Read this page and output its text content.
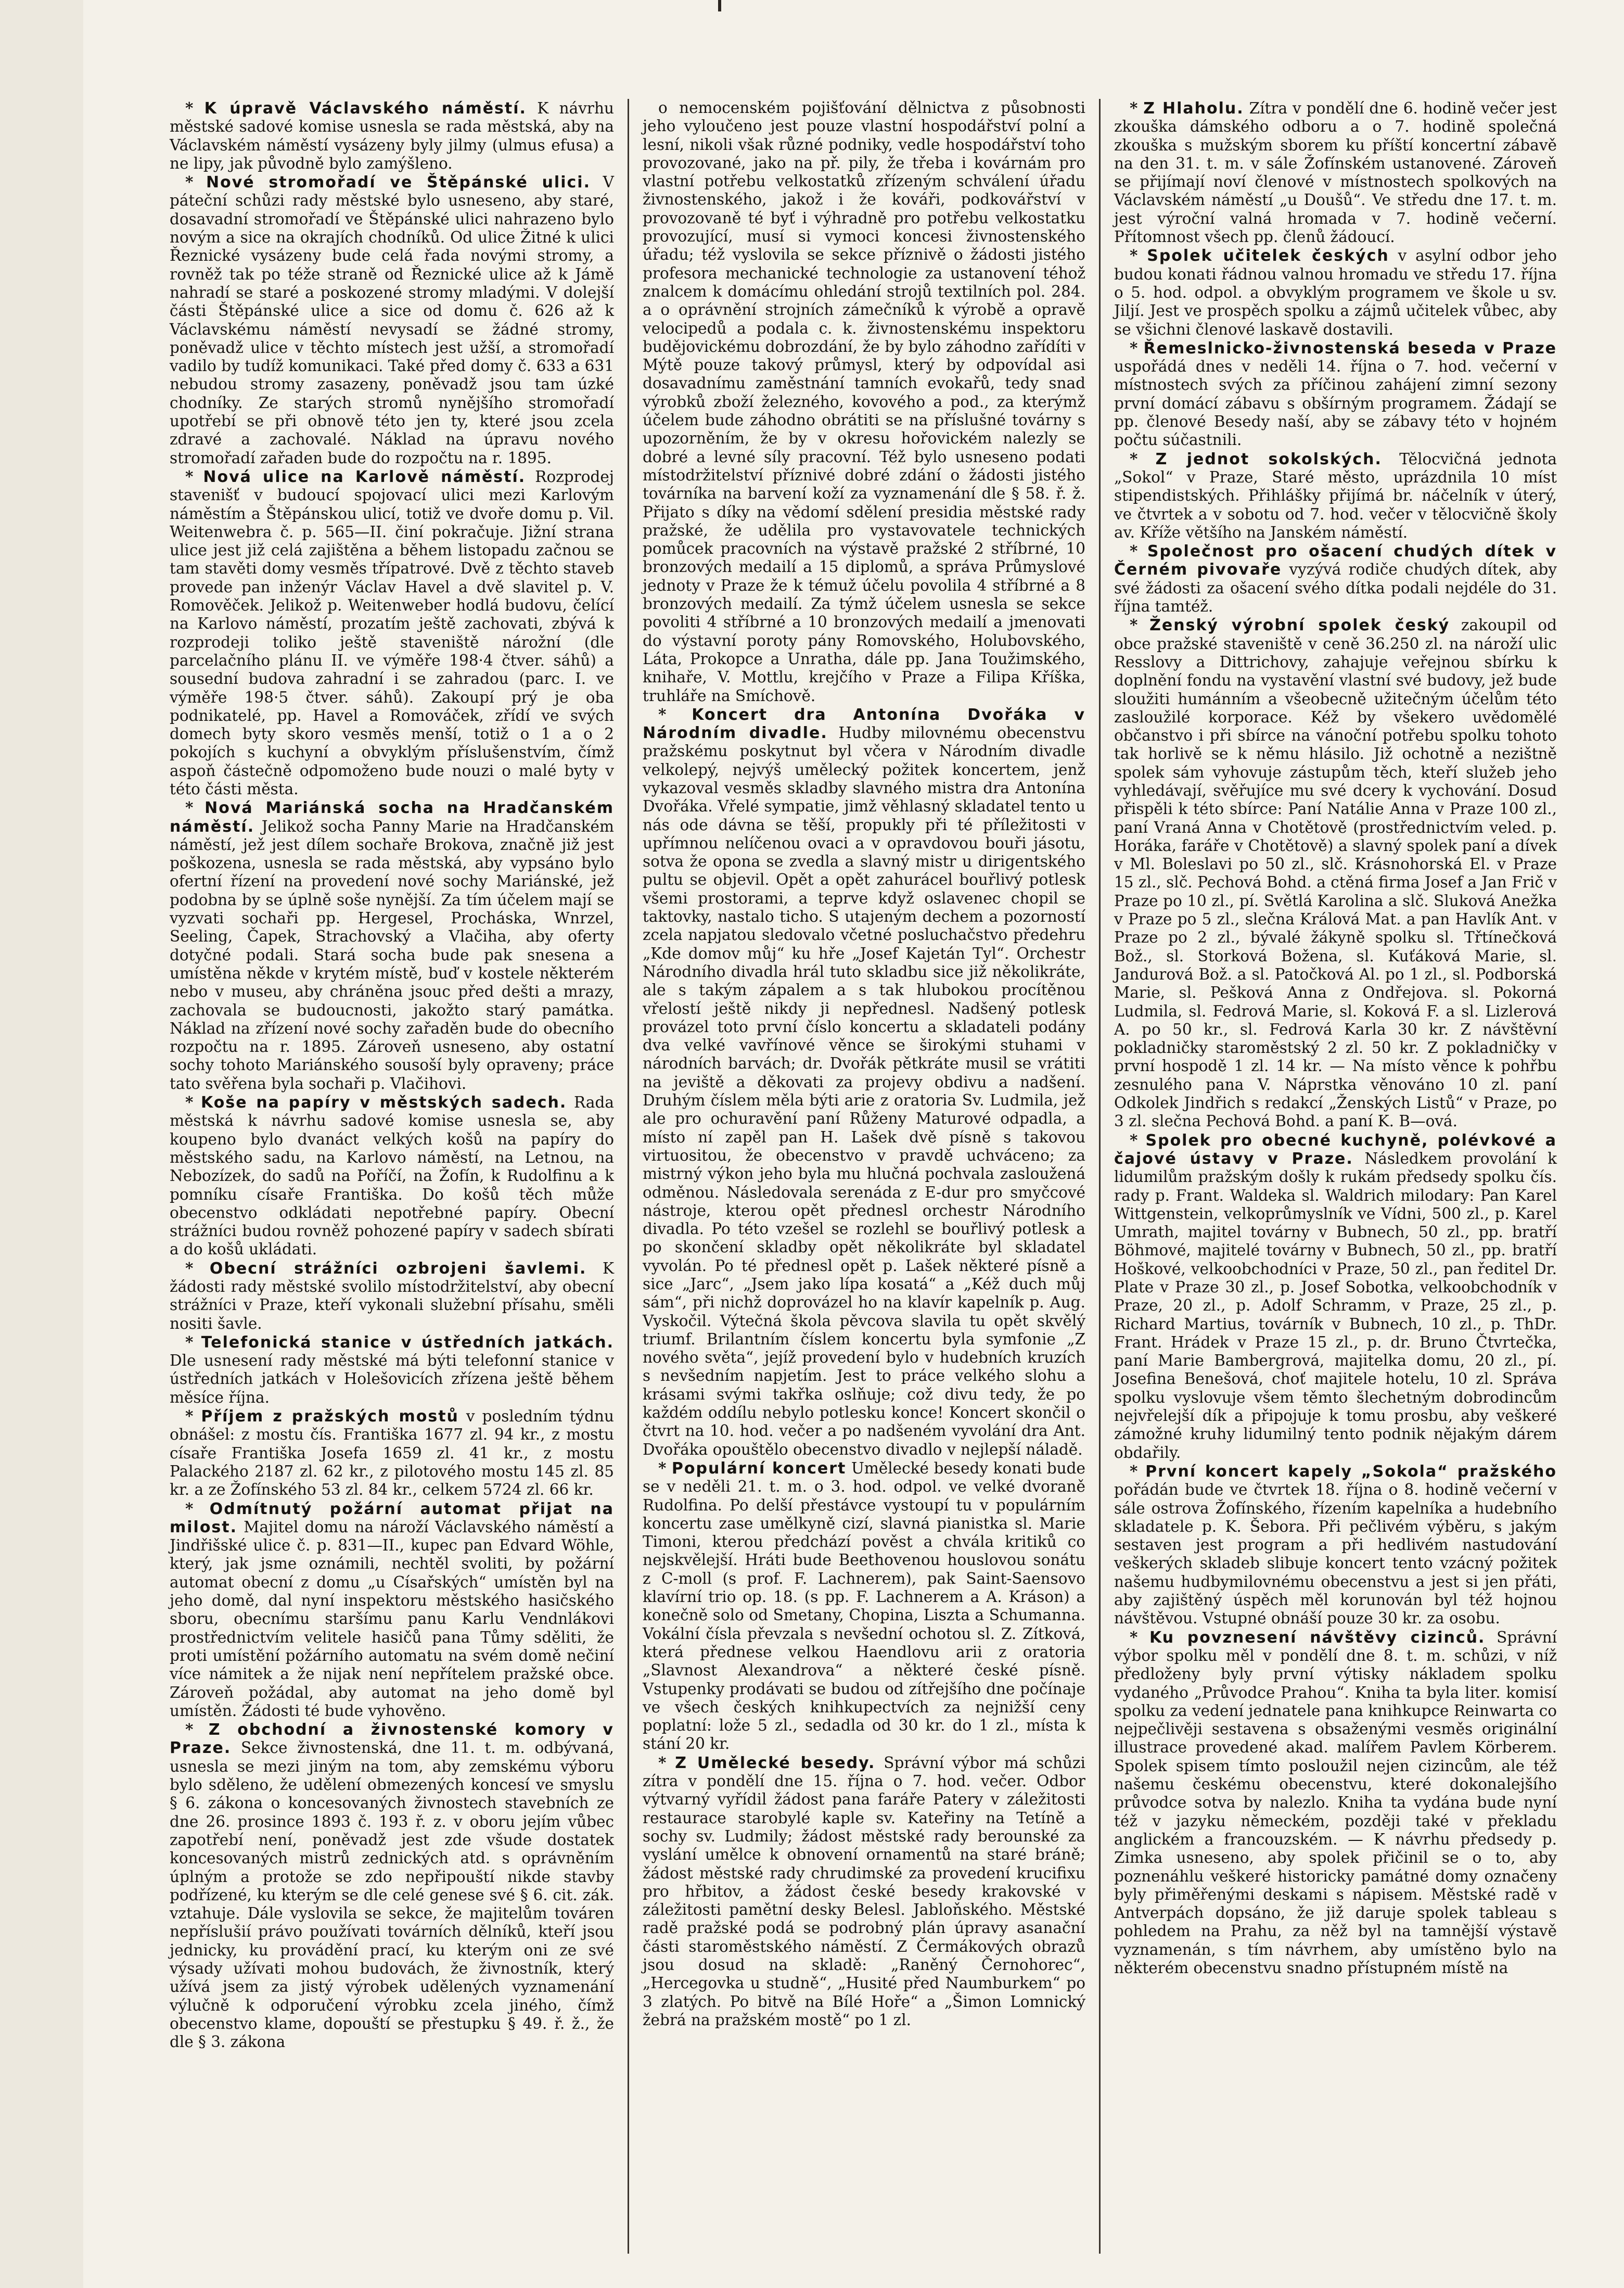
* K úpravě Václavského náměstí. K návrhu městské sadové komise usnesla se rada městská, aby na Václavském náměstí vysázeny byly jilmy (ulmus efusa) a ne lipy, jak původně bylo zamýšleno.

* Nové stromořadí ve Štěpánské ulici. V páteční schůzi rady městské bylo usneseno, aby staré, dosavadní stromořadí ve Štěpánské ulici nahrazeno bylo novým a sice na okrajích chodníků. Od ulice Žitné k ulici Řeznické vysázeny bude celá řada novými stromy, a rovněž tak po téže straně od Řeznické ulice až k Jámě nahradí se staré a poskozené stromy mladými. V dolejší části Štěpánské ulice a sice od domu č. 626 až k Václavskému náměstí nevysadí se žádné stromy, poněvadž ulice v těchto místech jest užší, a stromořadí vadilo by tudíž komunikaci. Také před domy č. 633 a 631 nebudou stromy zasazeny, poněvadž jsou tam úzké chodníky. Ze starých stromů nynějšího stromořadí upotřebí se při obnově této jen ty, které jsou zcela zdravé a zachovalé. Náklad na úpravu nového stromořadí zařaden bude do rozpočtu na r. 1895.

* Nová ulice na Karlově náměstí. Rozprodej stavenišť v budoucí spojovací ulici mezi Karlovým náměstím a Štěpánskou ulicí, totiž ve dvoře domu p. Vil. Weitenwebra č. p. 565—II. činí pokračuje. Jižní strana ulice jest již celá zajištěna a během listopadu začnou se tam stavěti domy vesměs třípatrové. Dvě z těchto staveb provede pan inženýr Václav Havel a dvě slavitel p. V. Romověček. Jelikož p. Weitenweber hodlá budovu, čelící na Karlovo náměstí, prozatím ještě zachovati, zbývá k rozprodeji toliko ještě staveniště nárožní (dle parcelačního plánu II. ve výměře 198·4 čtver. sáhů) a sousední budova zahradní i se zahradou (parc. I. ve výměře 198·5 čtver. sáhů). Zakoupí prý je oba podnikatelé, pp. Havel a Romováček, zřídí ve svých domech byty skoro vesměs menší, totiž o 1 a o 2 pokojích s kuchyní a obvyklým příslušenstvím, čímž aspoň částečně odpomoženo bude nouzi o malé byty v této části města.

* Nová Mariánská socha na Hradčanském náměstí. Jelikož socha Panny Marie na Hradčanském náměstí, jež jest dílem sochaře Brokova, značně již jest poškozena, usnesla se rada městská, aby vypsáno bylo ofertní řízení na provedení nové sochy Mariánské, jež podobna by se úplně soše nynější. Za tím účelem mají se vyzvati sochaři pp. Hergesel, Procháska, Wnrzel, Seeling, Čapek, Strachovský a Vlačiha, aby oferty dotyčné podali. Stará socha bude pak snesena a umístěna někde v krytém místě, buď v kostele některém nebo v museu, aby chráněna jsouc před dešti a mrazy, zachovala se budoucnosti, jakožto starý památka. Náklad na zřízení nové sochy zařaděn bude do obecního rozpočtu na r. 1895. Zároveň usneseno, aby ostatní sochy tohoto Mariánského sousoší byly opraveny; práce tato svěřena byla sochaři p. Vlačihovi.

* Koše na papíry v městských sadech. Rada městská k návrhu sadové komise usnesla se, aby koupeno bylo dvanáct velkých košů na papíry do městského sadu, na Karlovo náměstí, na Letnou, na Nebozízek, do sadů na Poříčí, na Žofín, k Rudolfinu a k pomníku císaře Františka. Do košů těch může obecenstvo odkládati nepotřebné papíry. Obecní strážníci budou rovněž pohozené papíry v sadech sbírati a do košů ukládati.

* Obecní strážníci ozbrojeni šavlemi. K žádosti rady městské svolilo místodržitelství, aby obecní strážníci v Praze, kteří vykonali služební přísahu, směli nositi šavle.

* Telefonická stanice v ústředních jatkách. Dle usnesení rady městské má býti telefonní stanice v ústředních jatkách v Holešovicích zřízena ještě během měsíce října.

* Příjem z pražských mostů v posledním týdnu obnášel: z mostu čís. Františka 1677 zl. 94 kr., z mostu císaře Františka Josefa 1659 zl. 41 kr., z mostu Palackého 2187 zl. 62 kr., z pilotového mostu 145 zl. 85 kr. a ze Žofínského 53 zl. 84 kr., celkem 5724 zl. 66 kr.

* Odmítnutý požární automat přijat na milost. Majitel domu na nároží Václavského náměstí a Jindřišské ulice č. p. 831—II., kupec pan Edvard Wöhle, který, jak jsme oznámili, nechtěl svoliti, by požární automat obecní z domu „u Císařských“ umístěn byl na jeho domě, dal nyní inspektoru městského hasičského sboru, obecnímu staršímu panu Karlu Vendnlákovi prostřednictvím velitele hasičů pana Tůmy sděliti, že proti umístění požárního automatu na svém domě nečiní více námitek a že nijak není nepřítelem pražské obce. Zároveň požádal, aby automat na jeho domě byl umístěn. Žádosti té bude vyhověno.

* Z obchodní a živnostenské komory v Praze. Sekce živnostenská, dne 11. t. m. odbývaná, usnesla se mezi jiným na tom, aby zemskému výboru bylo sděleno, že udělení obmezených koncesí ve smyslu § 6. zákona o koncesovaných živnostech stavebních ze dne 26. prosince 1893 č. 193 ř. z. v oboru jejím vůbec zapotřebí není, poněvadž jest zde všude dostatek koncesovaných mistrů zednických atd. s oprávněním úplným a protože se zdo nepřipouští nikde stavby podřízené, ku kterým se dle celé genese své § 6. cit. zák. vztahuje. Dále vyslovila se sekce, že majitelům továren nepříslušií právo používati továrních dělníků, kteří jsou jednicky, ku provádění prací, ku kterým oni ze své výsady užívati mohou budovách, že živnostník, který užívá jsem za jistý výrobek udělených vyznamenání výlučně k odporučení výrobku zcela jiného, čímž obecenstvo klame, dopouští se přestupku § 49. ř. ž., že dle § 3. zákona

o nemocenském pojišťování dělnictva z působnosti jeho vyloučeno jest pouze vlastní hospodářství polní a lesní, nikoli však různé podniky, vedle hospodářství toho provozované, jako na př. pily, že třeba i kovárnám pro vlastní potřebu velkostatků zřízeným schválení úřadu živnostenského, jakož i že kováři, podkovářství v provozovaně té byť i výhradně pro potřebu velkostatku provozující, musí si vymoci koncesi živnostenského úřadu; též vyslovila se sekce příznivě o žádosti jistého profesora mechanické technologie za ustanovení téhož znalcem k domácímu ohledání strojů textilních pol. 284. a o oprávnění strojních zámečníků k výrobě a opravě velocipedů a podala c. k. živnostenskému inspektoru budějovickému dobrozdání, že by bylo záhodno zařídíti v Mýtě pouze takový průmysl, který by odpovídal asi dosavadnímu zaměstnání tamních evokařů, tedy snad výrobků zboží železného, kovového a pod., za kterýmž účelem bude záhodno obrátiti se na příslušné továrny s upozorněním, že by v okresu hořovickém nalezly se dobré a levné síly pracovní. Též bylo usneseno podati místodržitelství příznivé dobré zdání o žádosti jistého továrníka na barvení koží za vyznamenání dle § 58. ř. ž. Přijato s díky na vědomí sdělení presidia městské rady pražské, že udělila pro vystavovatele technických pomůcek pracovních na výstavě pražské 2 stříbrné, 10 bronzových medailí a 15 diplomů, a správa Průmyslové jednoty v Praze že k témuž účelu povolila 4 stříbrné a 8 bronzových medailí. Za týmž účelem usnesla se sekce povoliti 4 stříbrné a 10 bronzových medailí a jmenovati do výstavní poroty pány Romovského, Holubovského, Láta, Prokopce a Unratha, dále pp. Jana Toužimského, knihaře, V. Mottlu, krejčího v Praze a Filipa Kříška, truhláře na Smíchově.

* Koncert dra Antonína Dvořáka v Národním divadle. Hudby milovnému obecenstvu pražskému poskytnut byl včera v Národním divadle velkolepý, nejvýš umělecký požitek koncertem, jenž vykazoval vesměs skladby slavného mistra dra Antonína Dvořáka. Vřelé sympatie, jimž věhlasný skladatel tento u nás ode dávna se těší, propukly při té příležitosti v upřímnou nelíčenou ovaci a v opravdovou bouři jásotu, sotva že opona se zvedla a slavný mistr u dirigentského pultu se objevil. Opět a opět zahurácel bouřlivý potlesk všemi prostorami, a teprve když oslavenec chopil se taktovky, nastalo ticho. S utajeným dechem a pozorností zcela napjatou sledovalo včetné posluchačstvo předehru „Kde domov můj“ ku hře „Josef Kajetán Tyl“. Orchestr Národního divadla hrál tuto skladbu sice již několikráte, ale s takým zápalem a s tak hlubokou procítěnou vřelostí ještě nikdy ji nepřednesl. Nadšený potlesk provázel toto první číslo koncertu a skladateli podány dva velké vavřínové věnce se širokými stuhami v národních barvách; dr. Dvořák pětkráte musil se vrátiti na jeviště a děkovati za projevy obdivu a nadšení. Druhým číslem měla býti arie z oratoria Sv. Ludmila, jež ale pro ochuravění paní Růženy Maturové odpadla, a místo ní zapěl pan H. Lašek dvě písně s takovou virtuositou, že obecenstvo v pravdě uchváceno; za mistrný výkon jeho byla mu hlučná pochvala zasloužená odměnou. Následovala serenáda z E-dur pro smyčcové nástroje, kterou opět přednesl orchestr Národního divadla. Po této vzešel se rozlehl se bouřlivý potlesk a po skončení skladby opět několikráte byl skladatel vyvolán. Po té přednesl opět p. Lašek některé písně a sice „Jarc“, „Jsem jako lípa kosatá“ a „Kéž duch můj sám“, při nichž doprovázel ho na klavír kapelník p. Aug. Vyskočil. Výtečná škola pěvcova slavila tu opět skvělý triumf. Brilantním číslem koncertu byla symfonie „Z nového světa“, jejíž provedení bylo v hudebních kruzích s nevšedním napjetím. Jest to práce velkého slohu a krásami svými takřka oslňuje; což divu tedy, že po každém oddílu nebylo potlesku konce! Koncert skončil o čtvrt na 10. hod. večer a po nadšeném vyvolání dra Ant. Dvořáka opouštělo obecenstvo divadlo v nejlepší náladě.

* Populární koncert Umělecké besedy konati bude se v neděli 21. t. m. o 3. hod. odpol. ve velké dvoraně Rudolfina. Po delší přestávce vystoupí tu v populárním koncertu zase umělkyně cizí, slavná pianistka sl. Marie Timoni, kterou předchází pověst a chvála kritiků co nejskvělejší. Hráti bude Beethovenou houslovou sonátu z C-moll (s prof. F. Lachnerem), pak Saint-Saensovo klavírní trio op. 18. (s pp. F. Lachnerem a A. Kráson) a konečně solo od Smetany, Chopina, Liszta a Schumanna. Vokální čísla převzala s nevšední ochotou sl. Z. Zítková, která přednese velkou Haendlovu arii z oratoria „Slavnost Alexandrova“ a některé české písně. Vstupenky prodávati se budou od zítřejšího dne počínaje ve všech českých knihkupectvích za nejnižší ceny poplatní: lože 5 zl., sedadla od 30 kr. do 1 zl., místa k stání 20 kr.

* Z Umělecké besedy. Správní výbor má schůzi zítra v pondělí dne 15. října o 7. hod. večer. Odbor výtvarný vyřídil žádost pana faráře Patery v záležitosti restaurace starobylé kaple sv. Kateřiny na Tetíně a sochy sv. Ludmily; žádost městské rady berounské za vyslání umělce k obnovení ornamentů na staré bráně; žádost městské rady chrudimské za provedení krucifixu pro hřbitov, a žádost české besedy krakovské v záležitosti pamětní desky Belesl. Jabloňského. Městské radě pražské podá se podrobný plán úpravy asanační části staroměstského náměstí. Z Čermákových obrazů jsou dosud na skladě: „Raněný Černohorec“, „Hercegovka u studně“, „Husité před Naumburkem“ po 3 zlatých. Po bitvě na Bílé Hoře“ a „Šimon Lomnický žebrá na pražském mostě“ po 1 zl.

* Z Hlaholu. Zítra v pondělí dne 6. hodině večer jest zkouška dámského odboru a o 7. hodině společná zkouška s mužským sborem ku příští koncertní zábavě na den 31. t. m. v sále Žofínském ustanovené. Zároveň se přijímají noví členové v místnostech spolkových na Václavském náměstí „u Doušů“. Ve středu dne 17. t. m. jest výroční valná hromada v 7. hodině večerní. Přítomnost všech pp. členů žádoucí.

* Spolek učitelek českých v asylní odbor jeho budou konati řádnou valnou hromadu ve středu 17. října o 5. hod. odpol. a obvyklým programem ve škole u sv. Jiljí. Jest ve prospěch spolku a zájmů učitelek vůbec, aby se všichni členové laskavě dostavili.

* Řemeslnicko-živnostenská beseda v Praze uspořádá dnes v neděli 14. října o 7. hod. večerní v místnostech svých za příčinou zahájení zimní sezony první domácí zábavu s obšírným programem. Žádají se pp. členové Besedy naší, aby se zábavy této v hojném počtu súčastnili.

* Z jednot sokolských. Tělocvičná jednota „Sokol“ v Praze, Staré město, uprázdnila 10 míst stipendistských. Přihlášky přijímá br. náčelník v úterý, ve čtvrtek a v sobotu od 7. hod. večer v tělocvičně školy av. Kříže většího na Janském náměstí.

* Společnost pro ošacení chudých dítek v Černém pivovaře vyzývá rodiče chudých dítek, aby své žádosti za ošacení svého dítka podali nejdéle do 31. října tamtéž.

* Ženský výrobní spolek český zakoupil od obce pražské staveniště v ceně 36.250 zl. na nároží ulic Resslovy a Dittrichovy, zahajuje veřejnou sbírku k doplnění fondu na vystavění vlastní své budovy, jež bude sloužiti humánním a všeobecně užitečným účelům této zasloužilé korporace. Kéž by všekero uvědomělé občanstvo i při sbírce na vánoční potřebu spolku tohoto tak horlivě se k němu hlásilo. Již ochotně a nezištně spolek sám vyhovuje zástupům těch, kteří služeb jeho vyhledávají, svěřujíce mu své dcery k vychování. Dosud přispěli k této sbírce: Paní Natálie Anna v Praze 100 zl., paní Vraná Anna v Chotětově (prostřednictvím veled. p. Horáka, faráře v Chotětově) a slavný spolek paní a dívek v Ml. Boleslavi po 50 zl., slč. Krásnohorská El. v Praze 15 zl., slč. Pechová Bohd. a ctěná firma Josef a Jan Frič v Praze po 10 zl., pí. Světlá Karolina a slč. Sluková Anežka v Praze po 5 zl., slečna Králová Mat. a pan Havlík Ant. v Praze po 2 zl., bývalé žákyně spolku sl. Třtínečková Bož., sl. Storková Božena, sl. Kuťáková Marie, sl. Jandurová Bož. a sl. Patočková Al. po 1 zl., sl. Podborská Marie, sl. Pešková Anna z Ondřejova. sl. Pokorná Ludmila, sl. Fedrová Marie, sl. Koková F. a sl. Lizlerová A. po 50 kr., sl. Fedrová Karla 30 kr. Z návštěvní pokladničky staroměstský 2 zl. 50 kr. Z pokladničky v první hospodě 1 zl. 14 kr. — Na místo věnce k pohřbu zesnulého pana V. Náprstka věnováno 10 zl. paní Odkolek Jindřich s redakcí „Ženských Listů“ v Praze, po 3 zl. slečna Pechová Bohd. a paní K. B—ová.

* Spolek pro obecné kuchyně, polévkové a čajové ústavy v Praze. Následkem provolání k lidumilům pražským došly k rukám předsedy spolku čís. rady p. Frant. Waldeka sl. Waldrich milodary: Pan Karel Wittgenstein, velkoprůmyslník ve Vídni, 500 zl., p. Karel Umrath, majitel továrny v Bubnech, 50 zl., pp. bratří Böhmové, majitelé továrny v Bubnech, 50 zl., pp. bratří Hoškové, velkoobchodníci v Praze, 50 zl., pan ředitel Dr. Plate v Praze 30 zl., p. Josef Sobotka, velkoobchodník v Praze, 20 zl., p. Adolf Schramm, v Praze, 25 zl., p. Richard Martius, továrník v Bubnech, 10 zl., p. ThDr. Frant. Hrádek v Praze 15 zl., p. dr. Bruno Čtvrtečka, paní Marie Bambergrová, majitelka domu, 20 zl., pí. Josefina Benešová, choť majitele hotelu, 10 zl. Správa spolku vyslovuje všem těmto šlechetným dobrodincům nejvřelejší dík a připojuje k tomu prosbu, aby veškeré zámožné kruhy lidumilný tento podnik nějakým dárem obdařily.

* První koncert kapely „Sokola“ pražského pořádán bude ve čtvrtek 18. října o 8. hodině večerní v sále ostrova Žofínského, řízením kapelníka a hudebního skladatele p. K. Šebora. Při pečlivém výběru, s jakým sestaven jest program a při hedlivém nastudování veškerých skladeb slibuje koncert tento vzácný požitek našemu hudbymilovnému obecenstvu a jest si jen přáti, aby zajištěný úspěch měl korunován byl též hojnou návštěvou. Vstupné obnáší pouze 30 kr. za osobu.

* Ku povznesení návštěvy cizinců. Správní výbor spolku měl v pondělí dne 8. t. m. schůzi, v níž předloženy byly první výtisky nákladem spolku vydaného „Průvodce Prahou“. Kniha ta byla liter. komisí spolku za vedení jednatele pana knihkupce Reinwarta co nejpečlivěji sestavena s obsaženými vesměs originální illustrace provedené akad. malířem Pavlem Körberem. Spolek spisem tímto posloužil nejen cizincům, ale též našemu českému obecenstvu, které dokonalejšího průvodce sotva by nalezlo. Kniha ta vydána bude nyní též v jazyku německém, později také v překladu anglickém a francouzském. — K návrhu předsedy p. Zimka usneseno, aby spolek přičinil se o to, aby poznenáhlu veškeré historicky památné domy označeny byly přiměřenými deskami s nápisem. Městské radě v Antverpách dopsáno, že již daruje spolek tableau s pohledem na Prahu, za něž byl na tamnější výstavě vyznamenán, s tím návrhem, aby umístěno bylo na některém obecenstvu snadno přístupném místě na
